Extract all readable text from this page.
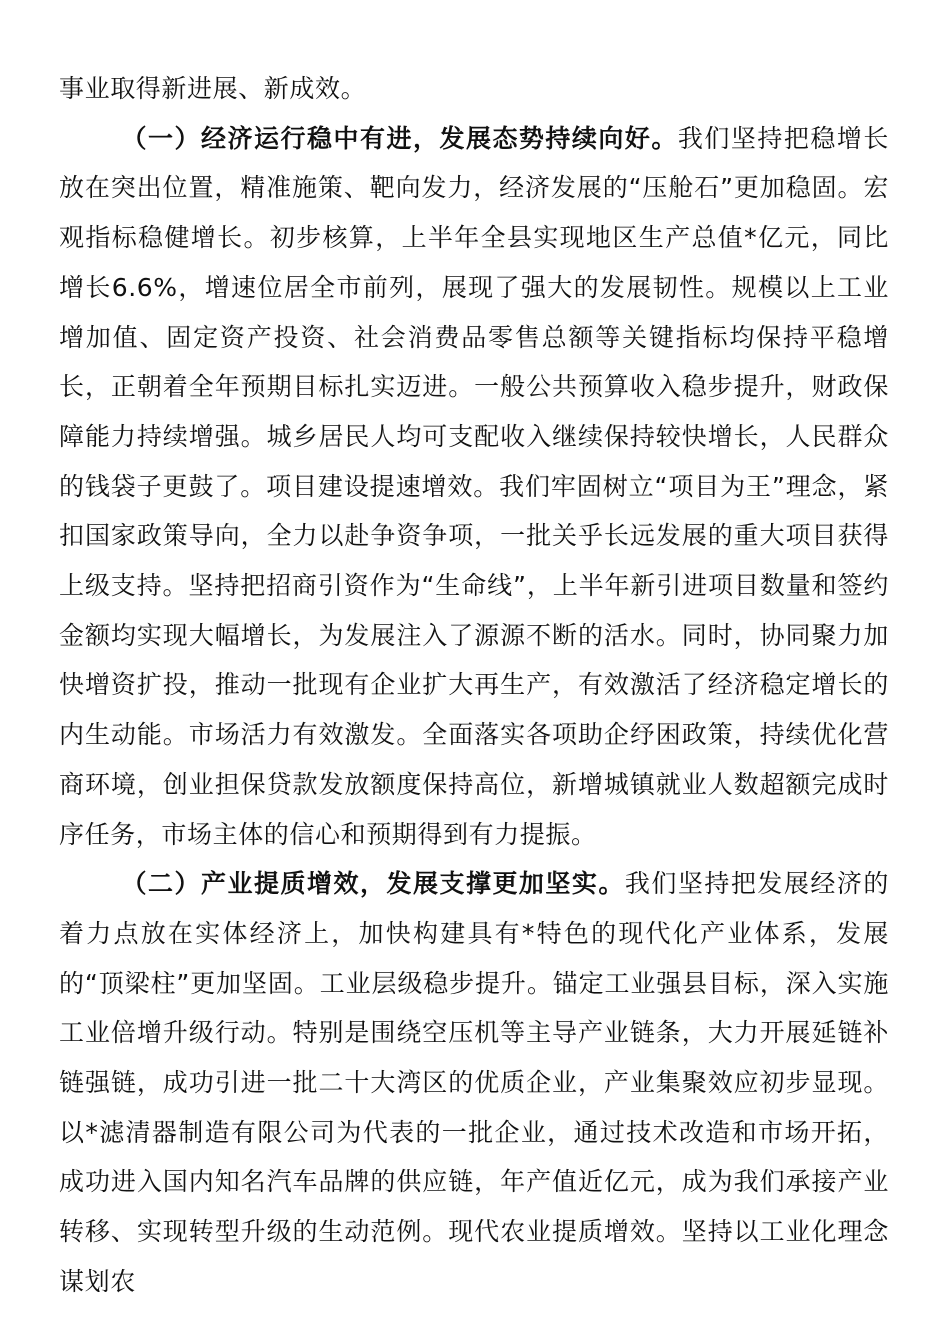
事业取得新进展、新成效。

（一）经济运行稳中有进，发展态势持续向好。我们坚持把稳增长放在突出位置，精准施策、靶向发力，经济发展的“压舱石”更加稳固。宏观指标稳健增长。初步核算，上半年全县实现地区生产总值*亿元，同比增长6.6%，增速位居全市前列，展现了强大的发展韧性。规模以上工业增加值、固定资产投资、社会消费品零售总额等关键指标均保持平稳增长，正朝着全年预期目标扎实迈进。一般公共预算收入稳步提升，财政保障能力持续增强。城乡居民人均可支配收入继续保持较快增长，人民群众的钱袋子更鼓了。项目建设提速增效。我们牢固树立“项目为王”理念，紧扣国家政策导向，全力以赴争资争项，一批关乎长远发展的重大项目获得上级支持。坚持把招商引资作为“生命线”，上半年新引进项目数量和签约金额均实现大幅增长，为发展注入了源源不断的活水。同时，协同聚力加快增资扩投，推动一批现有企业扩大再生产，有效激活了经济稳定增长的内生动能。市场活力有效激发。全面落实各项助企纾困政策，持续优化营商环境，创业担保贷款发放额度保持高位，新增城镇就业人数超额完成时序任务，市场主体的信心和预期得到有力提振。

（二）产业提质增效，发展支撑更加坚实。我们坚持把发展经济的着力点放在实体经济上，加快构建具有*特色的现代化产业体系，发展的“顶梁柱”更加坚固。工业层级稳步提升。锚定工业强县目标，深入实施工业倍增升级行动。特别是围绕空压机等主导产业链条，大力开展延链补链强链，成功引进一批二十大湾区的优质企业，产业集聚效应初步显现。以*滤清器制造有限公司为代表的一批企业，通过技术改造和市场开拓，成功进入国内知名汽车品牌的供应链，年产值近亿元，成为我们承接产业转移、实现转型升级的生动范例。现代农业提质增效。坚持以工业化理念谋划农
